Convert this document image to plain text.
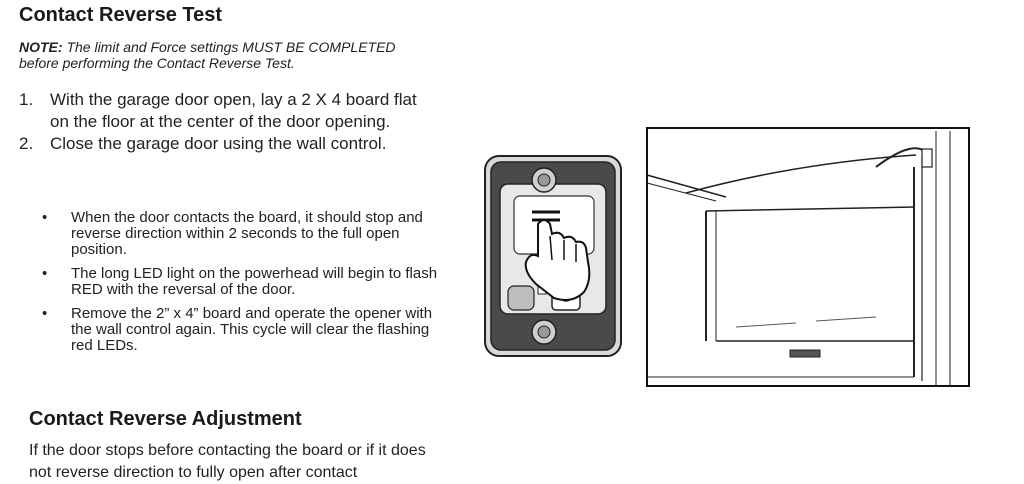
Contact Reverse Test
NOTE: The limit and Force settings MUST BE COMPLETED before performing the Contact Reverse Test.
1. With the garage door open, lay a 2 X 4 board flat on the floor at the center of the door opening.
2. Close the garage door using the wall control.
• When the door contacts the board, it should stop and reverse direction within 2 seconds to the full open position.
• The long LED light on the powerhead will begin to flash RED with the reversal of the door.
• Remove the 2” x 4” board and operate the opener with the wall control again. This cycle will clear the flashing red LEDs.
Contact Reverse Adjustment
If the door stops before contacting the board or if it does not reverse direction to fully open after contact
